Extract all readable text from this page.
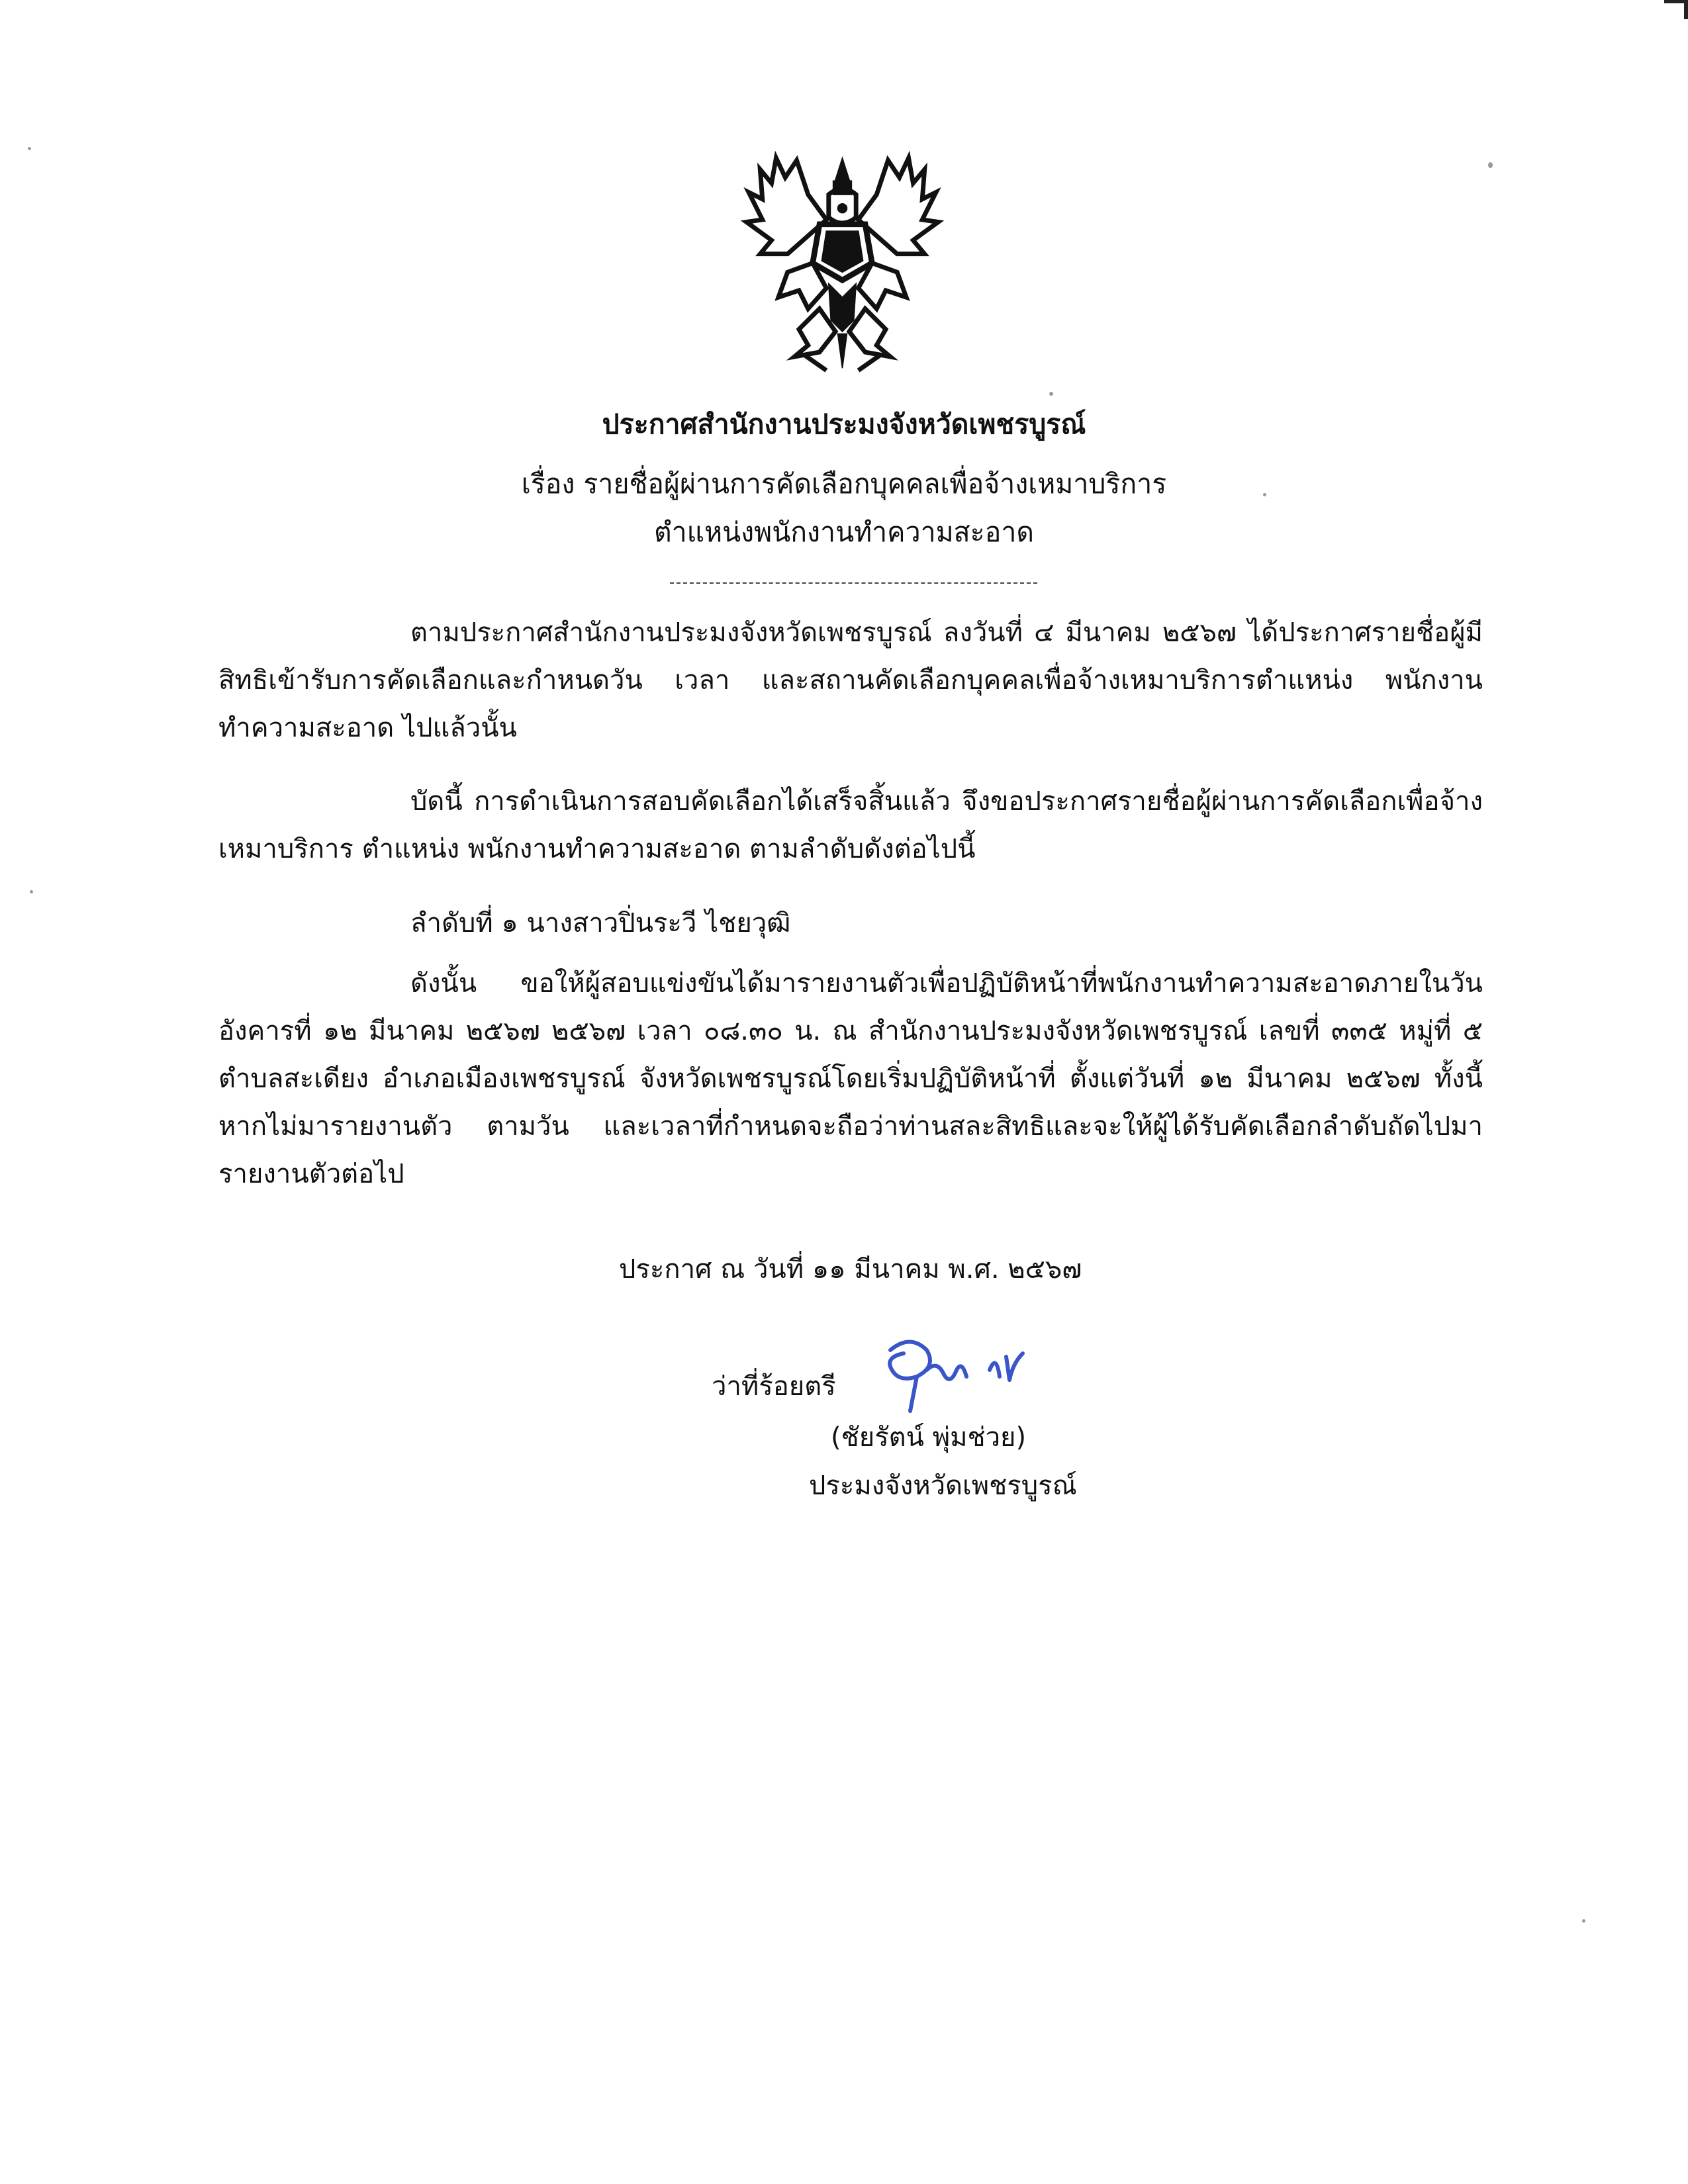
ประกาศสำนักงานประมงจังหวัดเพชรบูรณ์
เรื่อง รายชื่อผู้ผ่านการคัดเลือกบุคคลเพื่อจ้างเหมาบริการ
ตำแหน่งพนักงานทำความสะอาด
ตามประกาศสำนักงานประมงจังหวัดเพชรบูรณ์ ลงวันที่ ๔ มีนาคม ๒๕๖๗ ได้ประกาศรายชื่อผู้มีสิทธิเข้ารับการคัดเลือกและกำหนดวัน เวลา และสถานคัดเลือกบุคคลเพื่อจ้างเหมาบริการตำแหน่ง พนักงานทำความสะอาด ไปแล้วนั้น
บัดนี้ การดำเนินการสอบคัดเลือกได้เสร็จสิ้นแล้ว จึงขอประกาศรายชื่อผู้ผ่านการคัดเลือกเพื่อจ้างเหมาบริการ ตำแหน่ง พนักงานทำความสะอาด ตามลำดับดังต่อไปนี้
ลำดับที่ ๑ นางสาวปิ่นระวี ไชยวุฒิ
ดังนั้น ขอให้ผู้สอบแข่งขันได้มารายงานตัวเพื่อปฏิบัติหน้าที่พนักงานทำความสะอาดภายในวันอังคารที่ ๑๒ มีนาคม ๒๕๖๗ ๒๕๖๗ เวลา ๐๘.๓๐ น. ณ สำนักงานประมงจังหวัดเพชรบูรณ์ เลขที่ ๓๓๕ หมู่ที่ ๕ ตำบลสะเดียง อำเภอเมืองเพชรบูรณ์ จังหวัดเพชรบูรณ์โดยเริ่มปฏิบัติหน้าที่ ตั้งแต่วันที่ ๑๒ มีนาคม ๒๕๖๗ ทั้งนี้หากไม่มารายงานตัว ตามวัน และเวลาที่กำหนดจะถือว่าท่านสละสิทธิและจะให้ผู้ได้รับคัดเลือกลำดับถัดไปมารายงานตัวต่อไป
ประกาศ ณ วันที่ ๑๑ มีนาคม พ.ศ. ๒๕๖๗
ว่าที่ร้อยตรี
(ชัยรัตน์ พุ่มช่วย)
ประมงจังหวัดเพชรบูรณ์
